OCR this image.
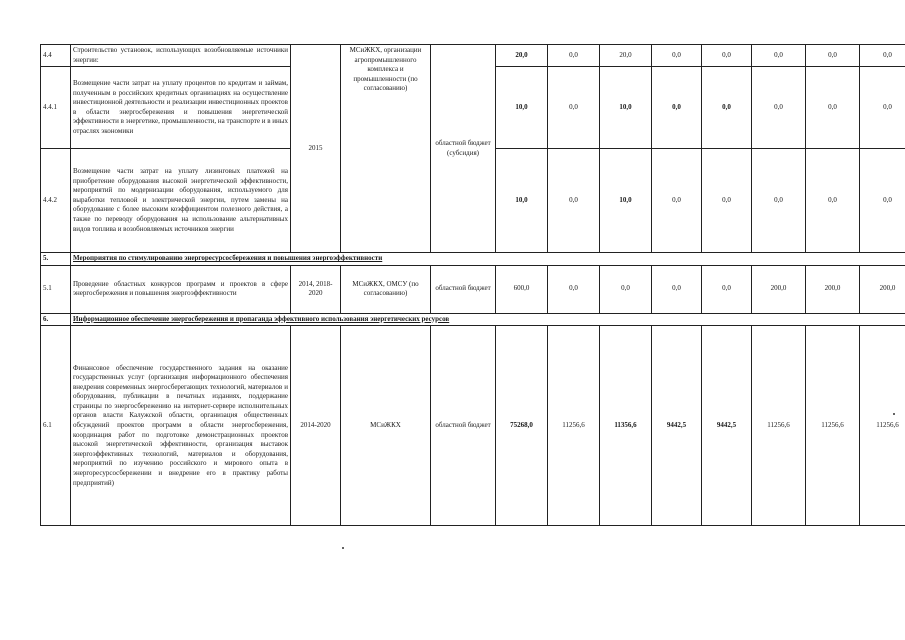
4.4	Строительство установок, использующих возобновляемые источники энергии:	2015	МСиЖКХ, организации агропромышленного комплекса и промышленности (по согласованию)	областной бюджет (субсидия)	20,0	0,0	20,0	0,0	0,0	0,0	0,0	0,0
4.4.1	Возмещение части затрат на уплату процентов по кредитам и займам, полученным в российских кредитных организациях на осуществление инвестиционной деятельности и реализации инвестиционных проектов в области энергосбережения и повышения энергетической эффективности в энергетике, промышленности, на транспорте и в иных отраслях экономики				10,0	0,0	10,0	0,0	0,0	0,0	0,0	0,0
4.4.2	Возмещение части затрат на уплату лизинговых платежей на приобретение оборудования высокой энергетической эффективности, мероприятий по модернизации оборудования, используемого для выработки тепловой и электрической энергии, путем замены на оборудование с более высоким коэффициентом полезного действия, а также по переводу оборудования на использование альтернативных видов топлива и возобновляемых источников энергии				10,0	0,0	10,0	0,0	0,0	0,0	0,0	0,0
5.	Мероприятия по стимулированию энергоресурсосбережения и повышения энергоэффективности											
5.1	Проведение областных конкурсов программ и проектов в сфере энергосбережения и повышения энергоэффективности	2014, 2018-2020	МСиЖКХ, ОМСУ (по согласованию)	областной бюджет	600,0	0,0	0,0	0,0	0,0	200,0	200,0	200,0
6.	Информационное обеспечение энергосбережения и пропаганда эффективного использования энергетических ресурсов											
6.1	Финансовое обеспечение государственного задания на оказание государственных услуг (организация информационного обеспечения внедрения современных энергосберегающих технологий, материалов и оборудования, публикации в печатных изданиях, поддержание страницы по энергосбережению на интернет-сервере исполнительных органов власти Калужской области, организация общественных обсуждений проектов программ в области энергосбережения, координация работ по подготовке демонстрационных проектов высокой энергетической эффективности, организация выставок энергоэффективных технологий, материалов и оборудования, мероприятий по изучению российского и мирового опыта в энергоресурсосбережении и внедрение его в практику работы предприятий)	2014-2020	МСиЖКХ	областной бюджет	75268,0	11256,6	11356,6	9442,5	9442,5	11256,6	11256,6	11256,6
